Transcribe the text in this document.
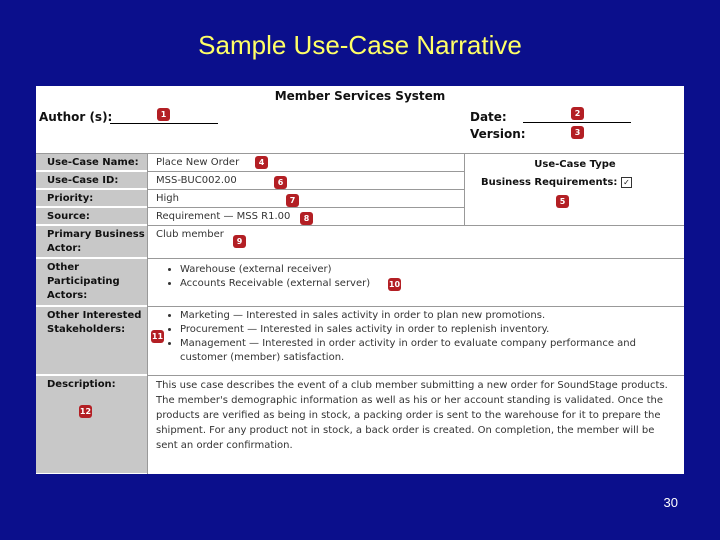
Sample Use-Case Narrative
Member Services System
Author (s):	1	Date:	2
Version:	3
Use-Case Type
Business Requirements: ✓
5
Use-Case Name:	Place New Order	4
Use-Case ID:	MSS-BUC002.00	6
Priority:	High	7
Source:	Requirement — MSS R1.00	8
Primary Business Actor:
Club member
9
Other Participating Actors:
• Warehouse (external receiver)
• Accounts Receivable (external server)	10
Other Interested Stakeholders:
• Marketing — Interested in sales activity in order to plan new promotions.
• Procurement — Interested in sales activity in order to replenish inventory.
• Management — Interested in order activity in order to evaluate company performance and customer (member) satisfaction.
11
Description:	This use case describes the event of a club member submitting a new order for SoundStage products. The member's demographic information as well as his or her account standing is validated. Once the products are verified as being in stock, a packing order is sent to the warehouse for it to prepare the shipment. For any product not in stock, a back order is created. On completion, the member will be sent an order confirmation.
12
30
